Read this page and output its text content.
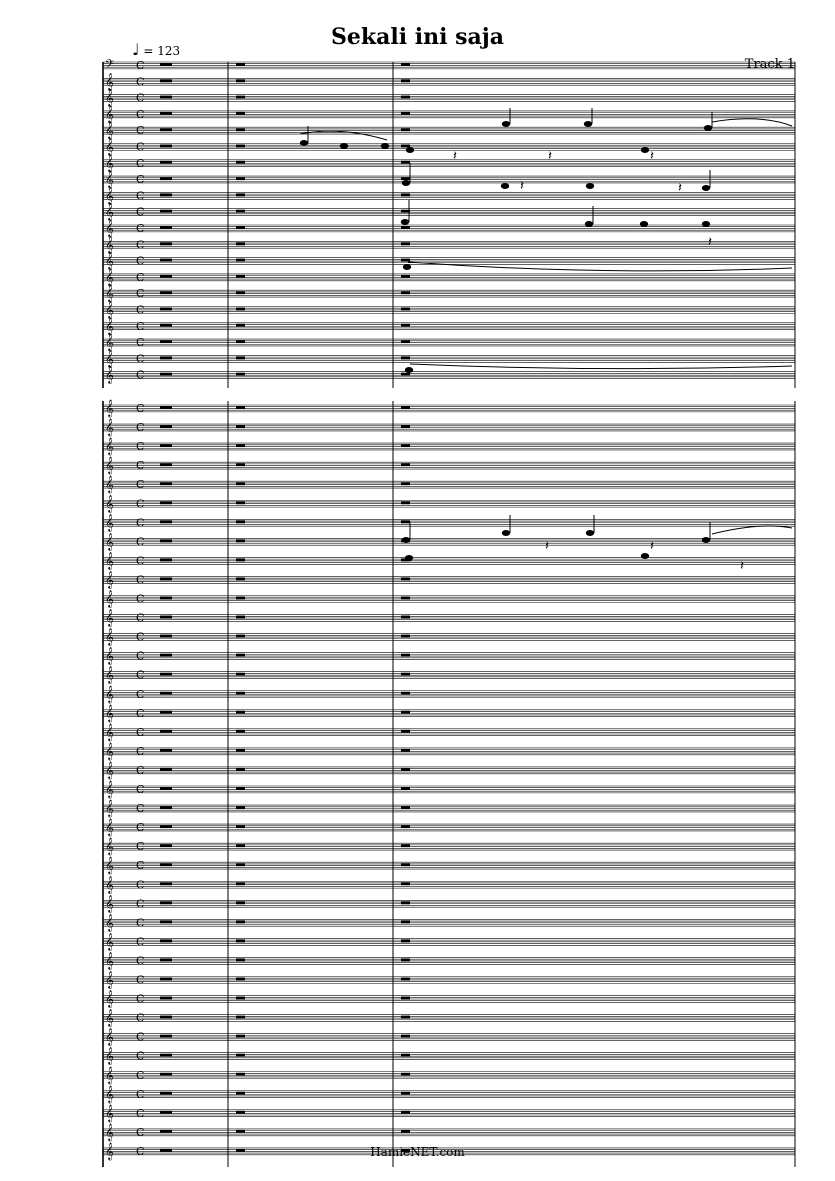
Sekali ini saja
♩ = 123
Track 1
𝄢 C
𝄞 C
𝄞 C
𝄞 C
𝄞 C
𝄞 C
𝄞 C
𝄞 C
𝄞 C
𝄞 C
𝄞 C
𝄞 C
𝄞 C
𝄞 C
𝄞 C
𝄞 C
𝄞 C
𝄞 C
𝄞 C
𝄞 C
𝄽	𝄽	𝄽
𝄽	𝄽
𝄽
𝄞 C
𝄞 C
𝄞 C
𝄞 C
𝄞 C
𝄞 C
𝄞 C
𝄞 C
𝄞 C
𝄞 C
𝄞 C
𝄞 C
𝄞 C
𝄞 C
𝄞 C
𝄞 C
𝄞 C
𝄞 C
𝄞 C
𝄞 C
𝄞 C
𝄞 C
𝄞 C
𝄞 C
𝄞 C
𝄞 C
𝄞 C
𝄞 C
𝄞 C
𝄞 C
𝄞 C
𝄞 C
𝄞 C
𝄞 C
𝄞 C
𝄞 C
𝄞 C
𝄞 C
𝄞 C
𝄞 C
𝄽	𝄽
𝄽
HamieNET.com
